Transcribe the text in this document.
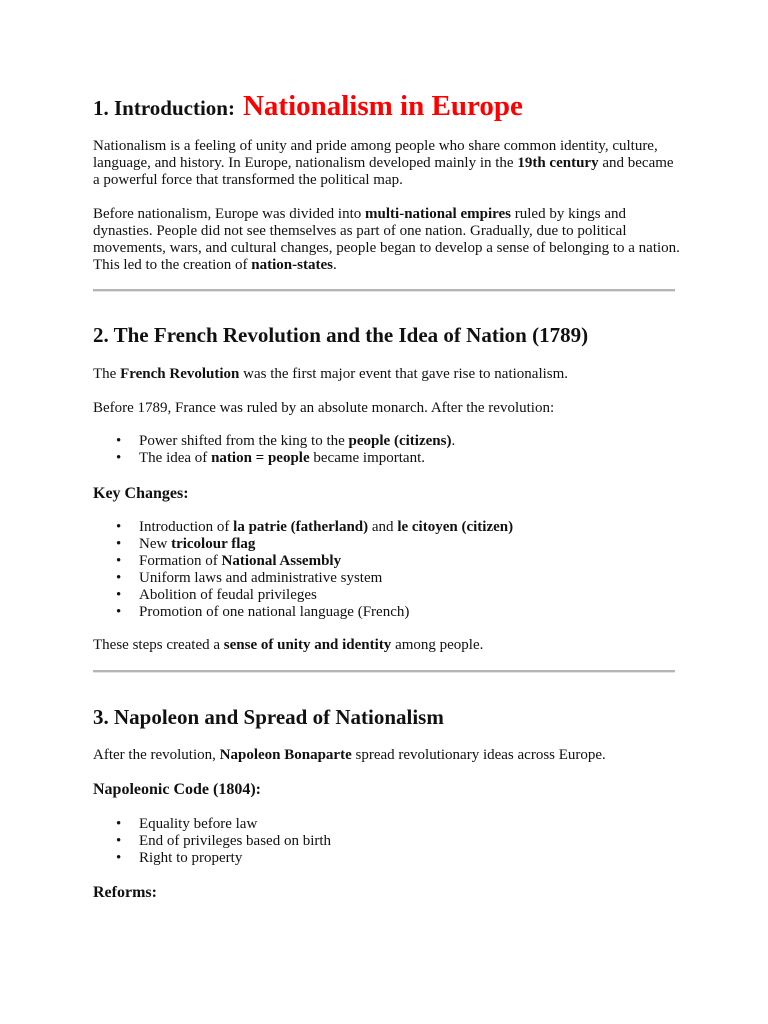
1. Introduction: Nationalism in Europe

Nationalism is a feeling of unity and pride among people who share common identity, culture, language, and history. In Europe, nationalism developed mainly in the 19th century and became a powerful force that transformed the political map.

Before nationalism, Europe was divided into multi-national empires ruled by kings and dynasties. People did not see themselves as part of one nation. Gradually, due to political movements, wars, and cultural changes, people began to develop a sense of belonging to a nation. This led to the creation of nation-states.

2. The French Revolution and the Idea of Nation (1789)

The French Revolution was the first major event that gave rise to nationalism.

Before 1789, France was ruled by an absolute monarch. After the revolution:

• Power shifted from the king to the people (citizens).
• The idea of nation = people became important.
Key Changes:
• Introduction of la patrie (fatherland) and le citoyen (citizen)
• New tricolour flag
• Formation of National Assembly
• Uniform laws and administrative system
• Abolition of feudal privileges
• Promotion of one national language (French)

These steps created a sense of unity and identity among people.

3. Napoleon and Spread of Nationalism

After the revolution, Napoleon Bonaparte spread revolutionary ideas across Europe.

Napoleonic Code (1804):
• Equality before law
• End of privileges based on birth
• Right to property
Reforms:
